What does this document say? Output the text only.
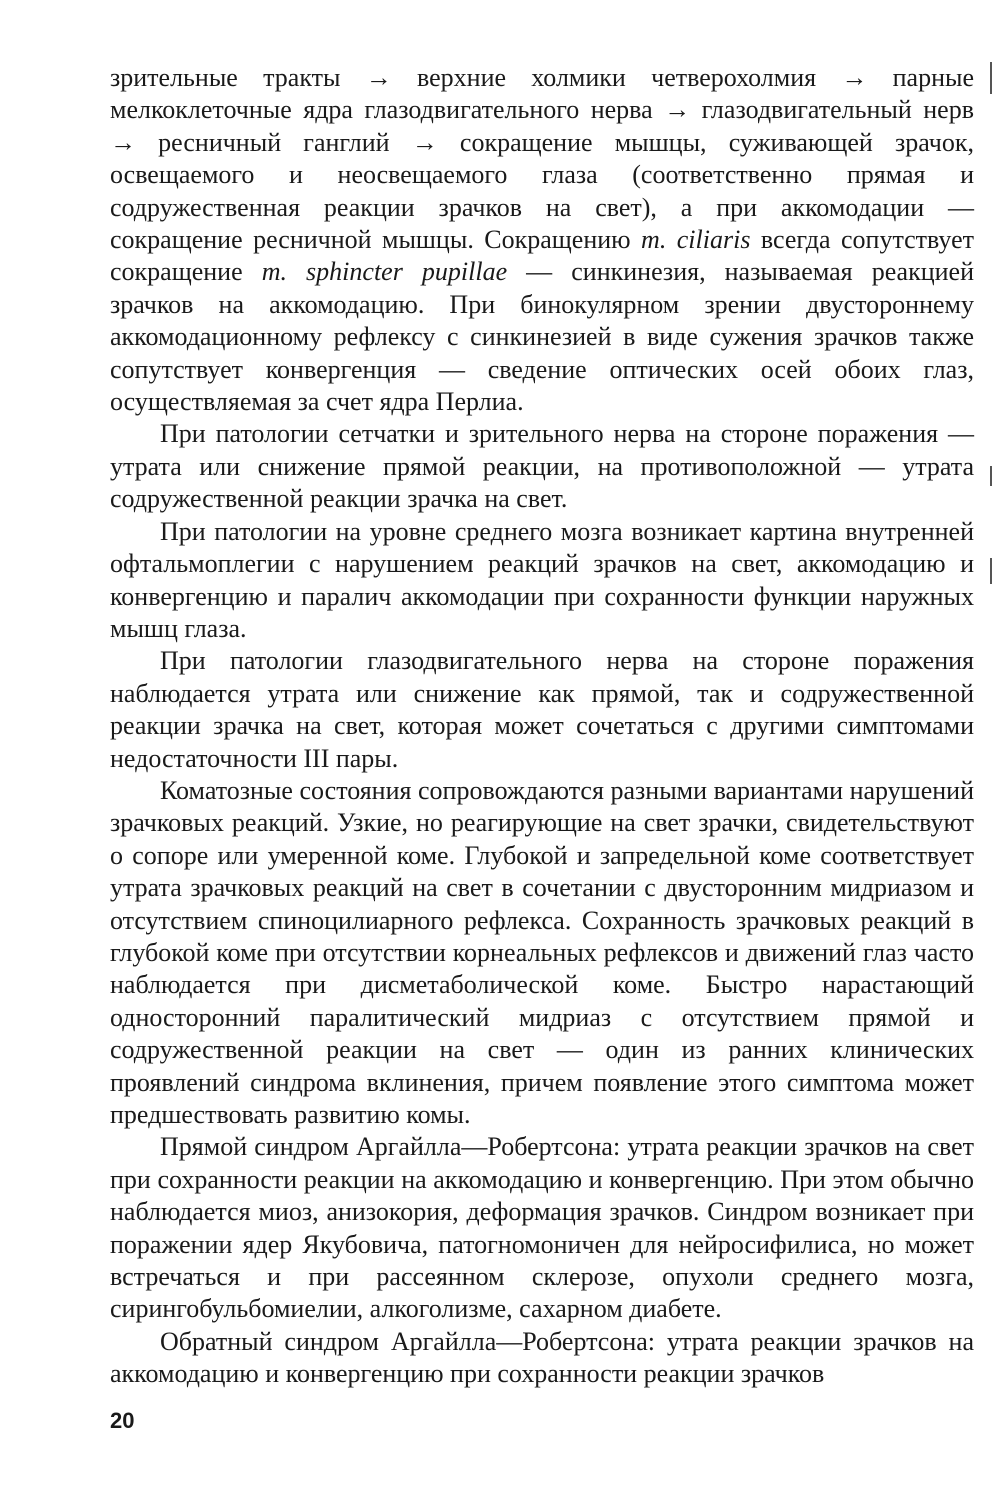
зрительные тракты → верхние холмики четверохолмия → парные мелкоклеточные ядра глазодвигательного нерва → глазодвигательный нерв → ресничный ганглий → сокращение мышцы, суживающей зрачок, освещаемого и неосвещаемого глаза (соответственно прямая и содружественная реакции зрачков на свет), а при аккомодации — сокращение ресничной мышцы. Сокращению m. ciliaris всегда сопутствует сокращение m. sphincter pupillae — синкинезия, называемая реакцией зрачков на аккомодацию. При бинокулярном зрении двустороннему аккомодационному рефлексу с синкинезией в виде сужения зрачков также сопутствует конвергенция — сведение оптических осей обоих глаз, осуществляемая за счет ядра Перлиа.

При патологии сетчатки и зрительного нерва на стороне поражения — утрата или снижение прямой реакции, на противоположной — утрата содружественной реакции зрачка на свет.

При патологии на уровне среднего мозга возникает картина внутренней офтальмоплегии с нарушением реакций зрачков на свет, аккомодацию и конвергенцию и паралич аккомодации при сохранности функции наружных мышц глаза.

При патологии глазодвигательного нерва на стороне поражения наблюдается утрата или снижение как прямой, так и содружественной реакции зрачка на свет, которая может сочетаться с другими симптомами недостаточности III пары.

Коматозные состояния сопровождаются разными вариантами нарушений зрачковых реакций. Узкие, но реагирующие на свет зрачки, свидетельствуют о сопоре или умеренной коме. Глубокой и запредельной коме соответствует утрата зрачковых реакций на свет в сочетании с двусторонним мидриазом и отсутствием спиноцилиарного рефлекса. Сохранность зрачковых реакций в глубокой коме при отсутствии корнеальных рефлексов и движений глаз часто наблюдается при дисметаболической коме. Быстро нарастающий односторонний паралитический мидриаз с отсутствием прямой и содружественной реакции на свет — один из ранних клинических проявлений синдрома вклинения, причем появление этого симптома может предшествовать развитию комы.

Прямой синдром Аргайлла—Робертсона: утрата реакции зрачков на свет при сохранности реакции на аккомодацию и конвергенцию. При этом обычно наблюдается миоз, анизокория, деформация зрачков. Синдром возникает при поражении ядер Якубовича, патогномоничен для нейросифилиса, но может встречаться и при рассеянном склерозе, опухоли среднего мозга, сирингобульбомиелии, алкоголизме, сахарном диабете.

Обратный синдром Аргайлла—Робертсона: утрата реакции зрачков на аккомодацию и конвергенцию при сохранности реакции зрачков

20
